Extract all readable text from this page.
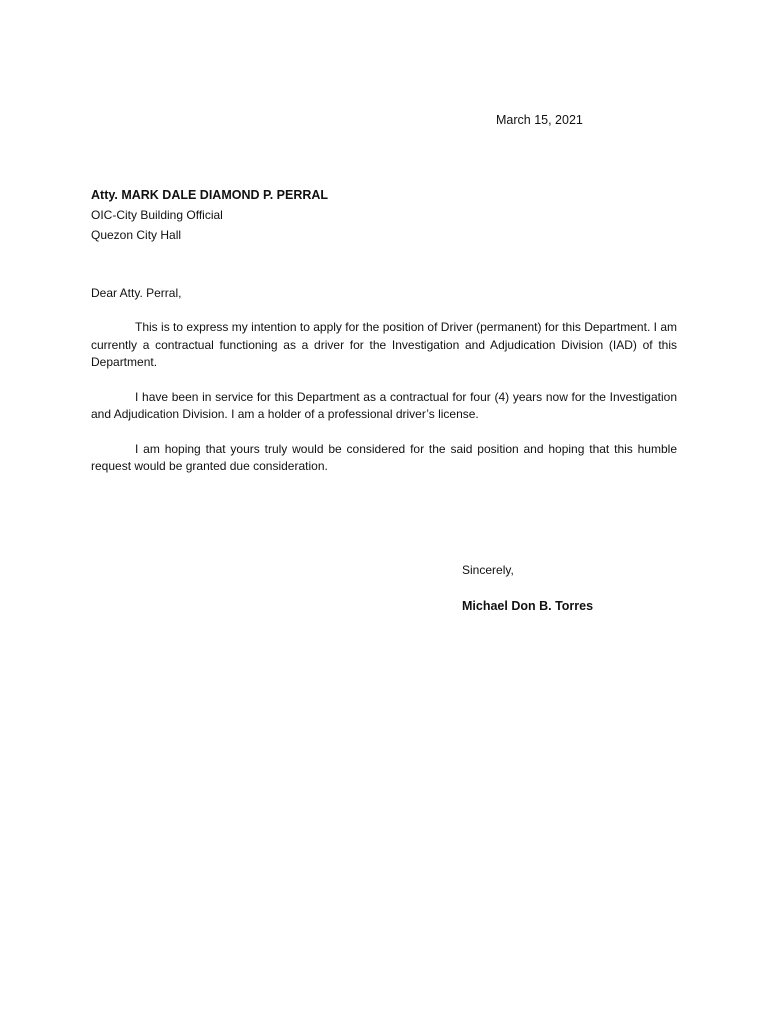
March 15, 2021
Atty. MARK DALE DIAMOND P. PERRAL
OIC-City Building Official
Quezon City Hall
Dear Atty. Perral,

This is to express my intention to apply for the position of Driver (permanent) for this Department. I am currently a contractual functioning as a driver for the Investigation and Adjudication Division (IAD) of this Department.

I have been in service for this Department as a contractual for four (4) years now for the Investigation and Adjudication Division. I am a holder of a professional driver’s license.

I am hoping that yours truly would be considered for the said position and hoping that this humble request would be granted due consideration.

Sincerely,
Michael Don B. Torres
